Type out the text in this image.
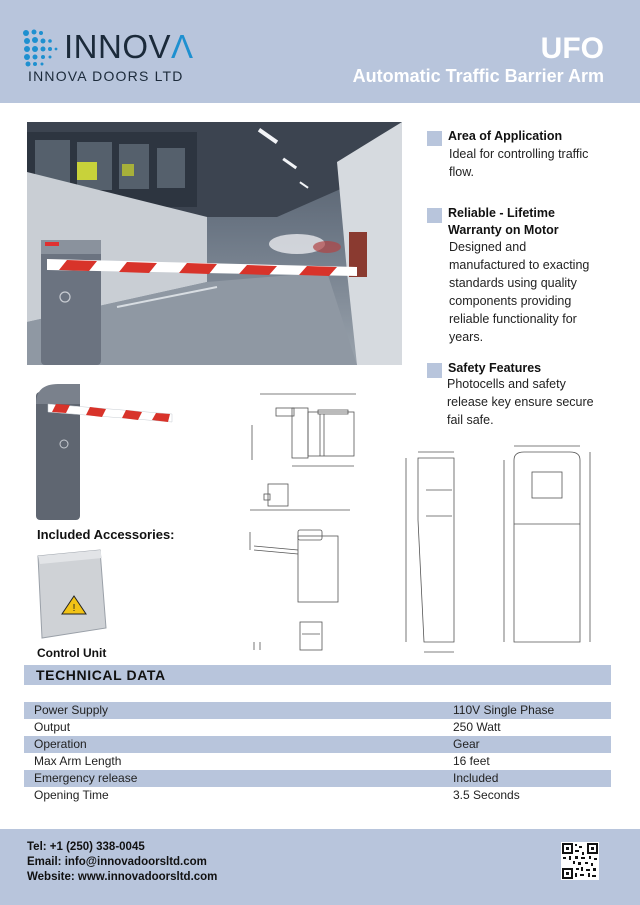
INNOVΛ
INNOVA DOORS LTD
UFO
Automatic Traffic Barrier Arm
Area of Application
Ideal for controlling traffic
flow.
Reliable - Lifetime
Warranty on Motor
Designed and
manufactured to exacting
standards using quality
components providing
reliable functionality for
years.
Safety Features
Photocells and safety
release key ensure secure
fail safe.
Included Accessories:
!
Control Unit
TECHNICAL DATA
Power Supply	110V Single Phase
Output	250 Watt
Operation	Gear
Max Arm Length	16 feet
Emergency release	Included
Opening Time	3.5 Seconds
Tel: +1 (250) 338-0045
Email: info@innovadoorsltd.com
Website: www.innovadoorsltd.com
